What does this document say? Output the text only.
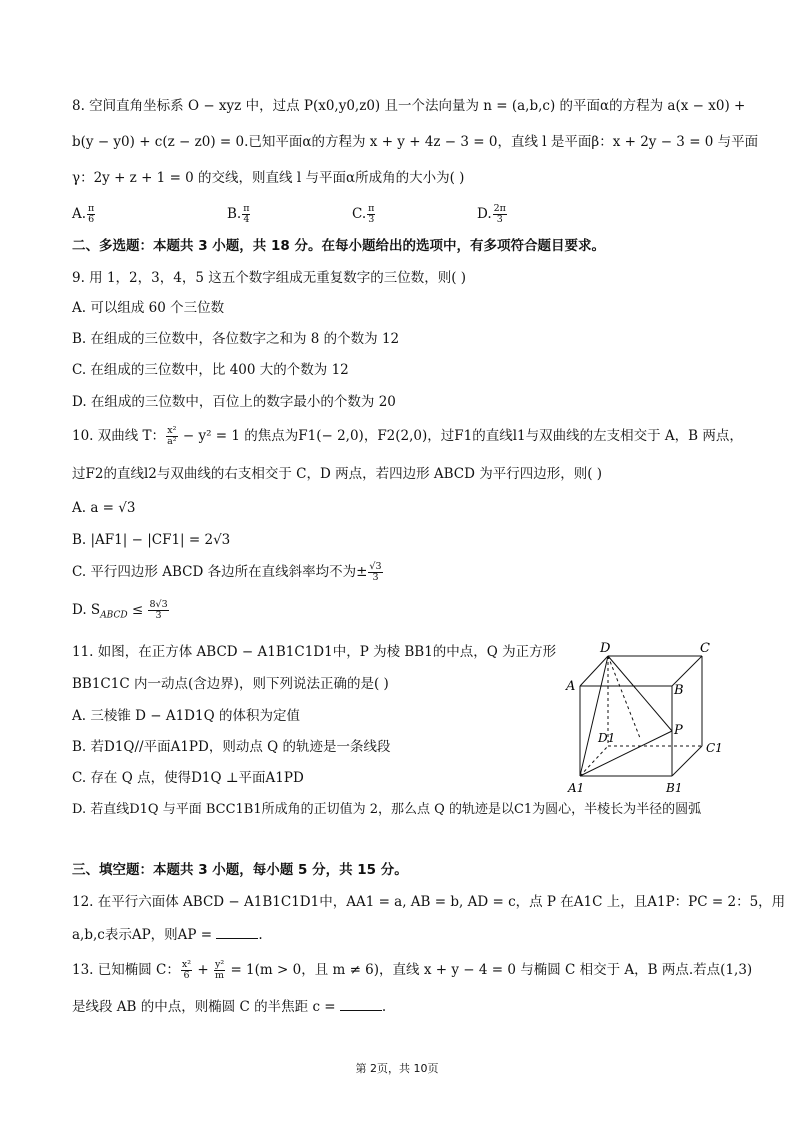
8. 空间直角坐标系 O − xyz 中，过点 P(x0,y0,z0) 且一个法向量为 n = (a,b,c) 的平面α的方程为 a(x − x0) +
b(y − y0) + c(z − z0) = 0.已知平面α的方程为 x + y + 4z − 3 = 0，直线 l 是平面β：x + 2y − 3 = 0 与平面
γ：2y + z + 1 = 0 的交线，则直线 l 与平面α所成角的大小为( )
A. $\frac{\pi}{6}$	B. $\frac{\pi}{4}$	C. $\frac{\pi}{3}$	D. $\frac{2\pi}{3}$
二、多选题：本题共 3 小题，共 18 分。在每小题给出的选项中，有多项符合题目要求。
9. 用 1，2，3，4，5 这五个数字组成无重复数字的三位数，则( )
A. 可以组成 60 个三位数
B. 在组成的三位数中，各位数字之和为 8 的个数为 12
C. 在组成的三位数中，比 400 大的个数为 12
D. 在组成的三位数中，百位上的数字最小的个数为 20
10. 双曲线 T： $\frac{\text{x²}}{\text{a²}} - y^2 = 1$ 的焦点为F1(− 2,0)，F2(2,0)，过F1的直线l1与双曲线的左支相交于 A，B 两点，
过F2的直线l2与双曲线的右支相交于 C，D 两点，若四边形 ABCD 为平行四边形，则( )
A. a = √3
B. |AF1| − |CF1| = 2√3
C. 平行四边形 ABCD 各边所在直线斜率均不为± $\frac{√3}{3}$
D. $S_{ABCD} \le \frac{8√3}{3}$
11. 如图，在正方体 ABCD − A1B1C1D1中，P 为棱 BB1的中点，Q 为正方形
BB1C1C 内一动点(含边界)，则下列说法正确的是( )
A. 三棱锥 D − A1D1Q 的体积为定值
B. 若D1Q//平面A1PD，则动点 Q 的轨迹是一条线段
C. 存在 Q 点，使得D1Q ⊥平面A1PD
D. 若直线D1Q 与平面 BCC1B1所成角的正切值为 2，那么点 Q 的轨迹是以C1为圆心，半棱长为半径的圆弧
三、填空题：本题共 3 小题，每小题 5 分，共 15 分。
12. 在平行六面体 ABCD − A1B1C1D1中，AA1 = a, AB = b, AD = c，点 P 在A1C 上，且A1P：PC = 2：5，用
a,b,c表示AP，则AP =	.
13. 已知椭圆 C： $\frac{\text{x²}}{6} + \frac{\text{y²}}{m} = 1(m > 0$，且 m ≠ 6)，直线 x + y − 4 = 0 与椭圆 C 相交于 A，B 两点.若点(1,3)
是线段 AB 的中点，则椭圆 C 的半焦距 c =	.
D	C
A	B
P
D1
C1
A1	B1
第 2页，共 10页
